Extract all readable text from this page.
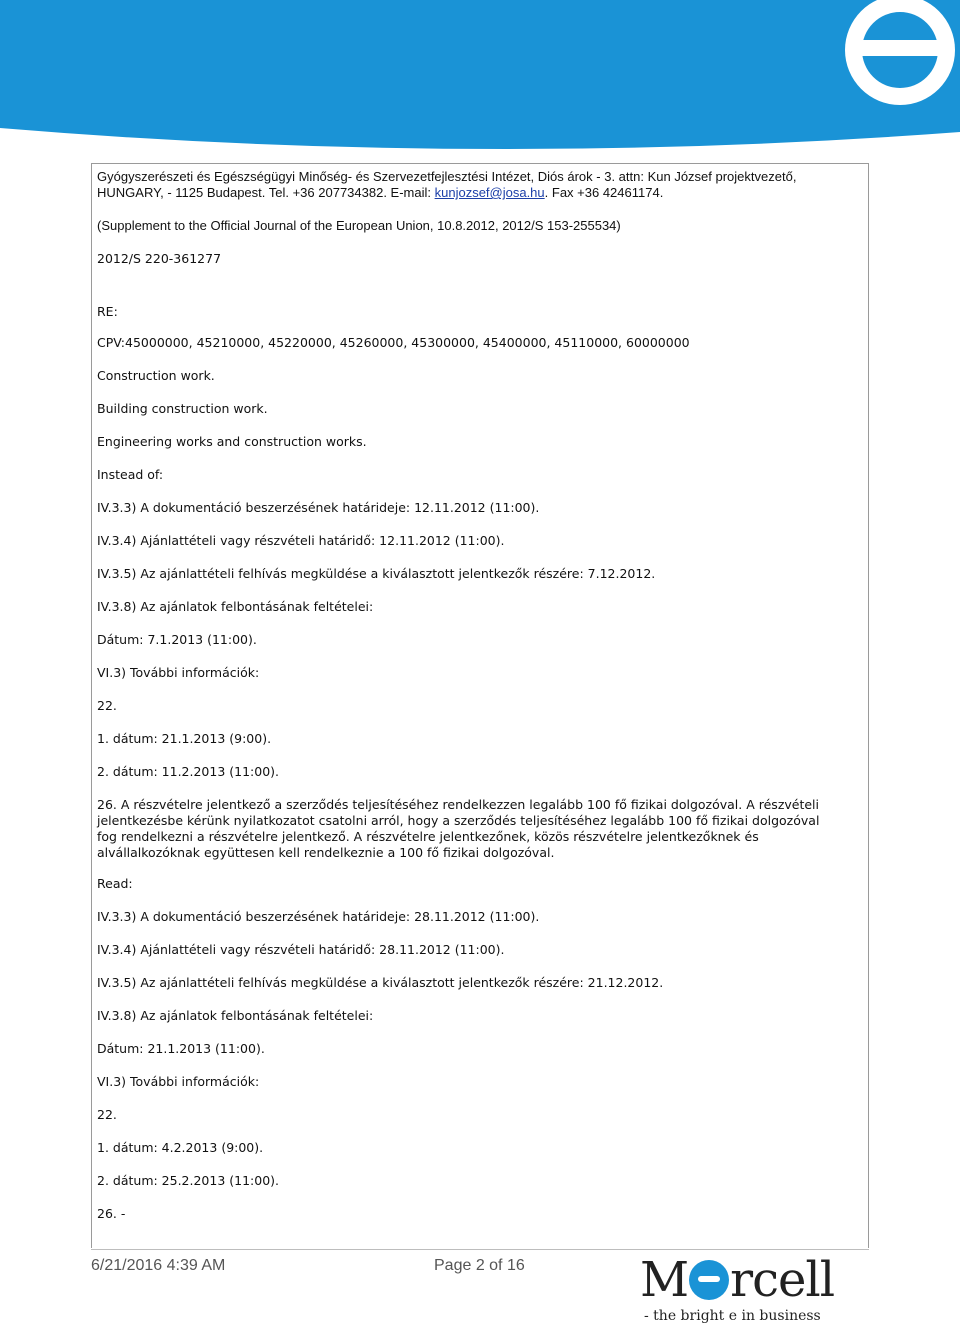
Gyógyszerészeti és Egészségügyi Minőség- és Szervezetfejlesztési Intézet, Diós árok - 3. attn: Kun József projektvezető,
HUNGARY, - 1125 Budapest. Tel. +36 207734382. E-mail: kunjozsef@josa.hu. Fax +36 42461174.
(Supplement to the Official Journal of the European Union, 10.8.2012, 2012/S 153-255534)
2012/S 220-361277
RE:
CPV:45000000, 45210000, 45220000, 45260000, 45300000, 45400000, 45110000, 60000000
Construction work.
Building construction work.
Engineering works and construction works.
Instead of:
IV.3.3) A dokumentáció beszerzésének határideje: 12.11.2012 (11:00).
IV.3.4) Ajánlattételi vagy részvételi határidő: 12.11.2012 (11:00).
IV.3.5) Az ajánlattételi felhívás megküldése a kiválasztott jelentkezők részére: 7.12.2012.
IV.3.8) Az ajánlatok felbontásának feltételei:
Dátum: 7.1.2013 (11:00).
VI.3) További információk:
22.
1. dátum: 21.1.2013 (9:00).
2. dátum: 11.2.2013 (11:00).
26. A részvételre jelentkező a szerződés teljesítéséhez rendelkezzen legalább 100 fő fizikai dolgozóval. A részvételi jelentkezésbe kérünk nyilatkozatot csatolni arról, hogy a szerződés teljesítéséhez legalább 100 fő fizikai dolgozóval fog rendelkezni a részvételre jelentkező. A részvételre jelentkezőnek, közös részvételre jelentkezőknek és alvállalkozóknak együttesen kell rendelkeznie a 100 fő fizikai dolgozóval.
Read:
IV.3.3) A dokumentáció beszerzésének határideje: 28.11.2012 (11:00).
IV.3.4) Ajánlattételi vagy részvételi határidő: 28.11.2012 (11:00).
IV.3.5) Az ajánlattételi felhívás megküldése a kiválasztott jelentkezők részére: 21.12.2012.
IV.3.8) Az ajánlatok felbontásának feltételei:
Dátum: 21.1.2013 (11:00).
VI.3) További információk:
22.
1. dátum: 4.2.2013 (9:00).
2. dátum: 25.2.2013 (11:00).
26. -
6/21/2016 4:39 AM	Page 2 of 16 M rcell
- the bright e in business
